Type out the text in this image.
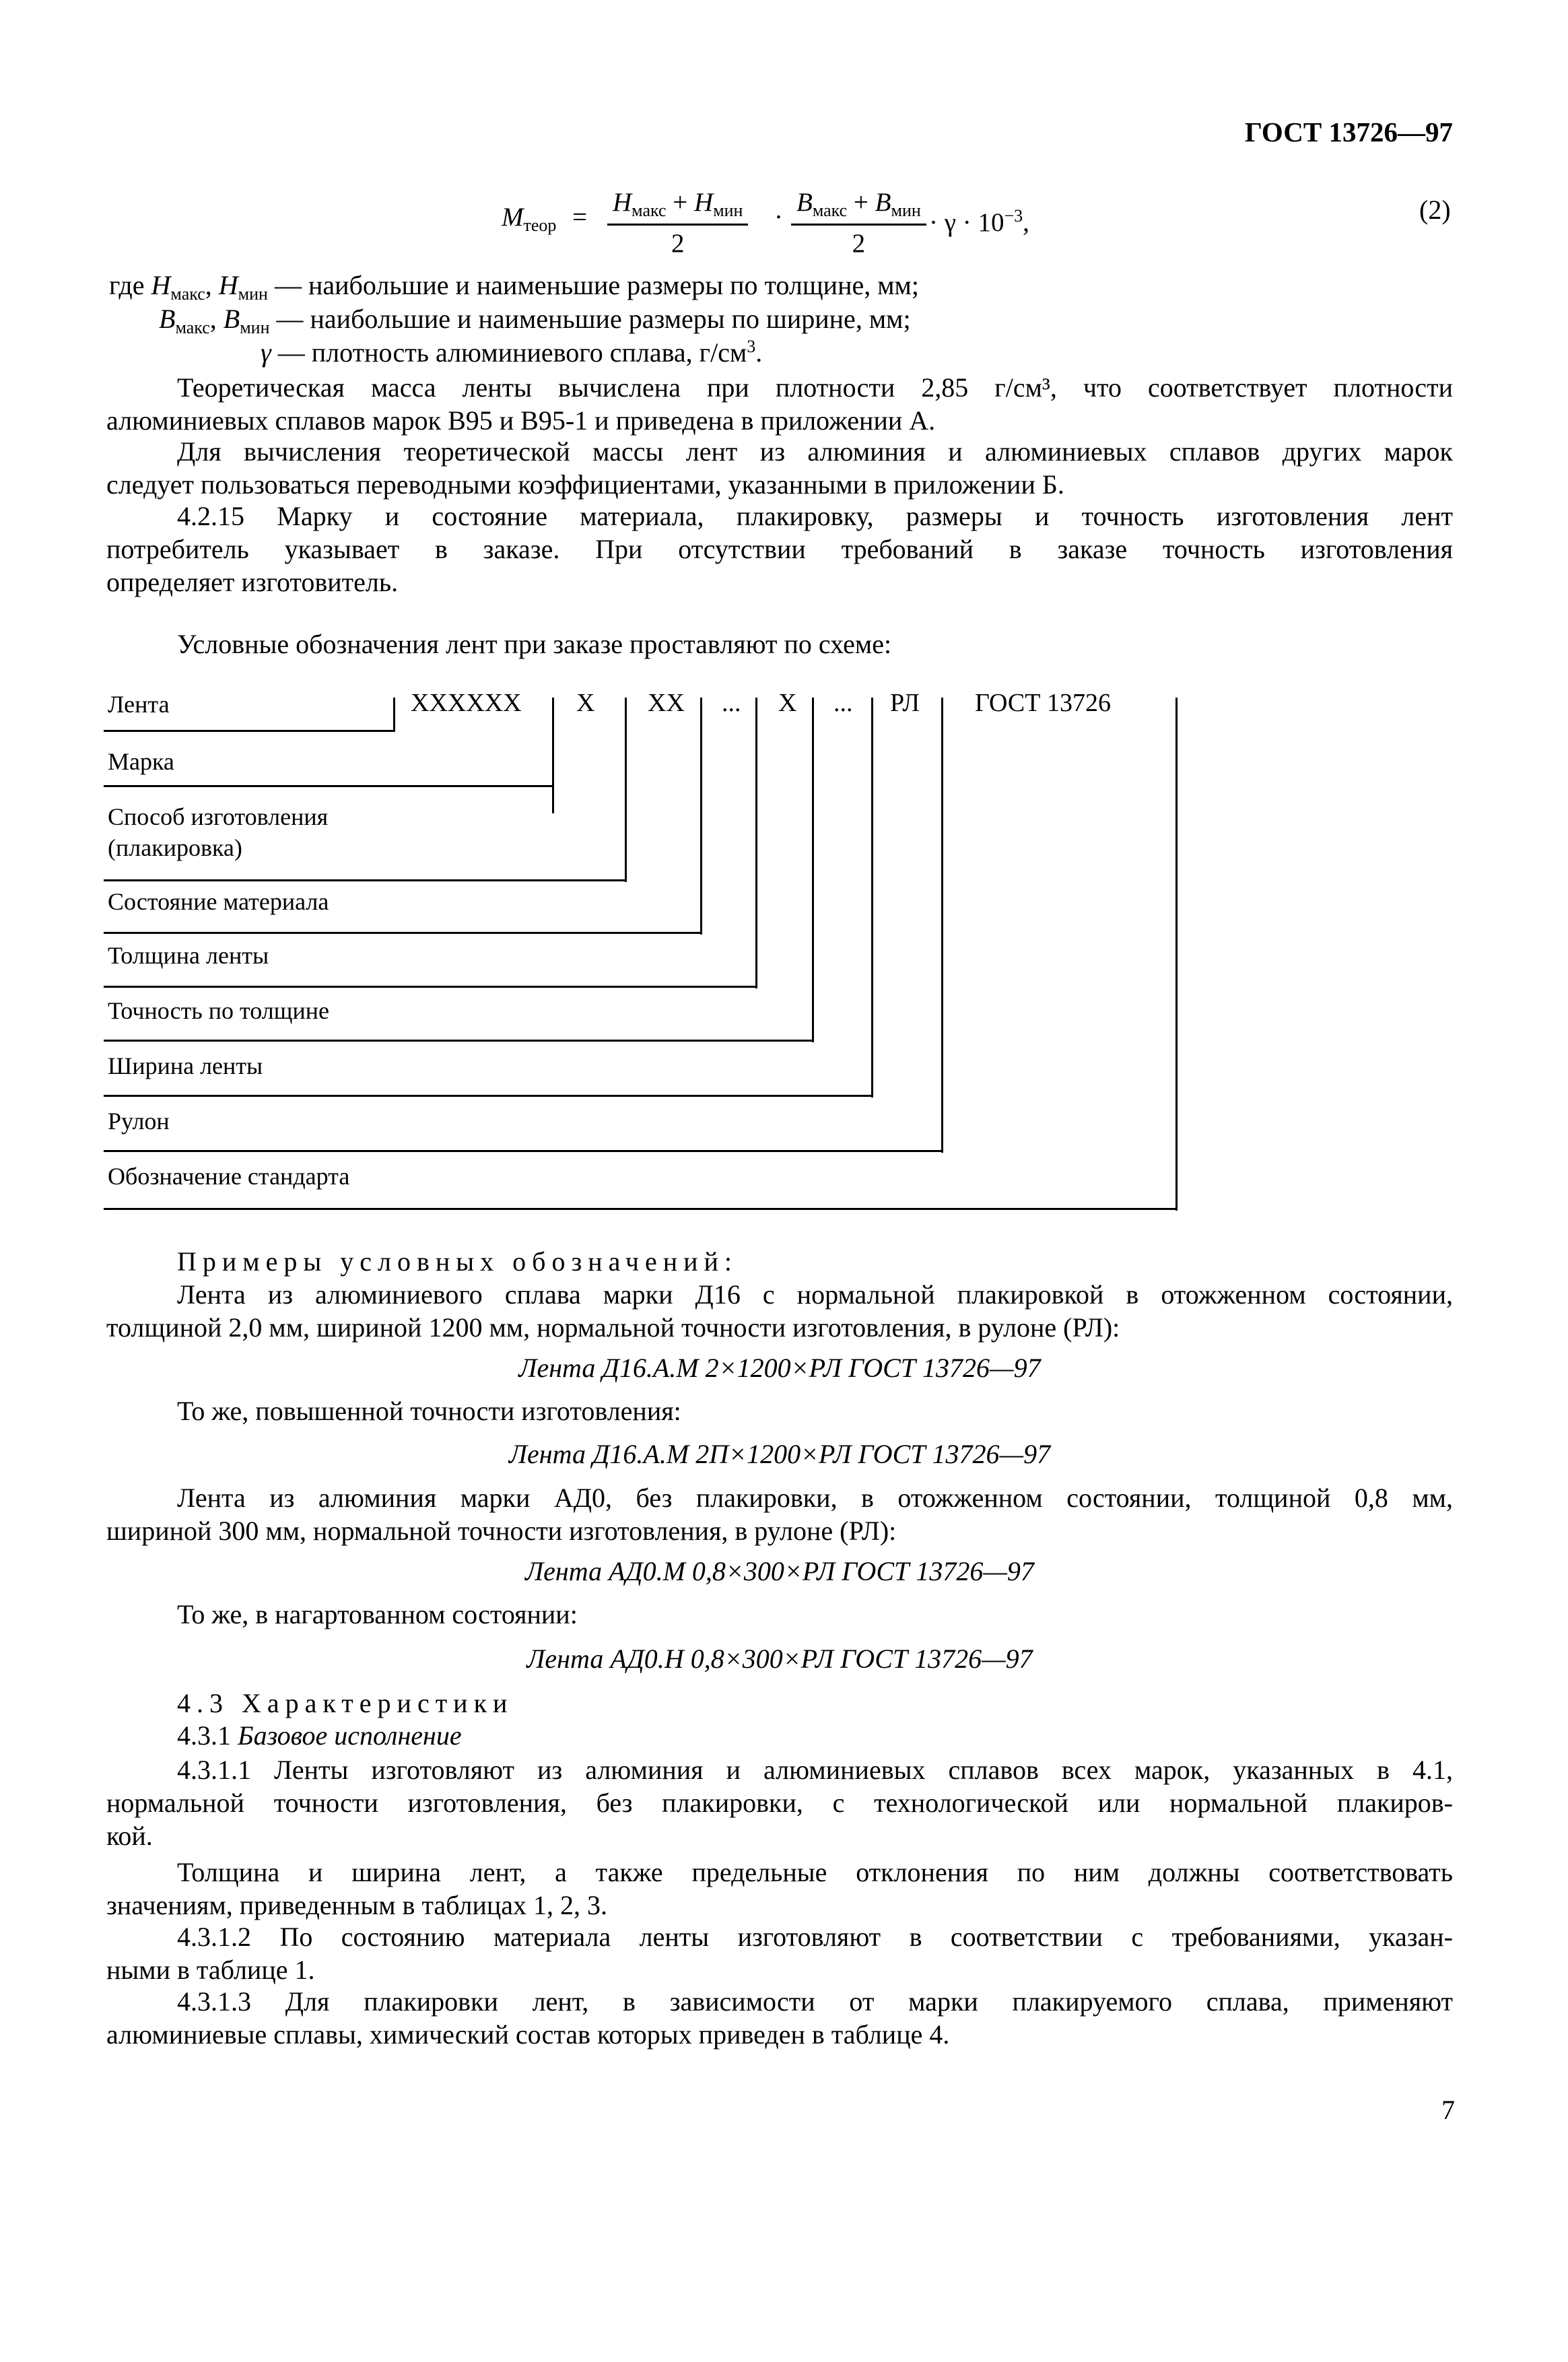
ГОСТ 13726—97
$M_{теор}$ =
$H_{макс} + H_{мин}$
2
·
$B_{макс} + B_{мин}$
2
· $\gamma \cdot 10^{-3}$,	(2)
где $H_{макс}$, $H_{мин}$ — наибольшие и наименьшие размеры по толщине, мм;
$B_{макс}$, $B_{мин}$ — наибольшие и наименьшие размеры по ширине, мм;
γ — плотность алюминиевого сплава, $г/см^3$.
Теоретическая масса ленты вычислена при плотности 2,85 г/см³, что соответствует плотности
алюминиевых сплавов марок В95 и В95-1 и приведена в приложении А.
Для вычисления теоретической массы лент из алюминия и алюминиевых сплавов других марок
следует пользоваться переводными коэффициентами, указанными в приложении Б.
4.2.15 Марку и состояние материала, плакировку, размеры и точность изготовления лент
потребитель указывает в заказе. При отсутствии требований в заказе точность изготовления
определяет изготовитель.
Условные обозначения лент при заказе проставляют по схеме:
Лента	XXXXXX X XX ... X ... РЛ ГОСТ 13726
Марка
Способ изготовления
(плакировка)
Состояние материала
Толщина ленты
Точность по толщине
Ширина ленты
Рулон
Обозначение стандарта
Примеры условных обозначений:
Лента из алюминиевого сплава марки Д16 с нормальной плакировкой в отожженном состоянии,
толщиной 2,0 мм, шириной 1200 мм, нормальной точности изготовления, в рулоне (РЛ):
Лента Д16.А.М 2×1200×РЛ ГОСТ 13726—97
То же, повышенной точности изготовления:
Лента Д16.А.М 2П×1200×РЛ ГОСТ 13726—97
Лента из алюминия марки АД0, без плакировки, в отожженном состоянии, толщиной 0,8 мм,
шириной 300 мм, нормальной точности изготовления, в рулоне (РЛ):
Лента АД0.М 0,8×300×РЛ ГОСТ 13726—97
То же, в нагартованном состоянии:
Лента АД0.Н 0,8×300×РЛ ГОСТ 13726—97
4.3 Характеристики
4.3.1 Базовое исполнение
4.3.1.1 Ленты изготовляют из алюминия и алюминиевых сплавов всех марок, указанных в 4.1,
нормальной точности изготовления, без плакировки, с технологической или нормальной плакиров-
кой.
Толщина и ширина лент, а также предельные отклонения по ним должны соответствовать
значениям, приведенным в таблицах 1, 2, 3.
4.3.1.2 По состоянию материала ленты изготовляют в соответствии с требованиями, указан-
ными в таблице 1.
4.3.1.3 Для плакировки лент, в зависимости от марки плакируемого сплава, применяют
алюминиевые сплавы, химический состав которых приведен в таблице 4.
7
